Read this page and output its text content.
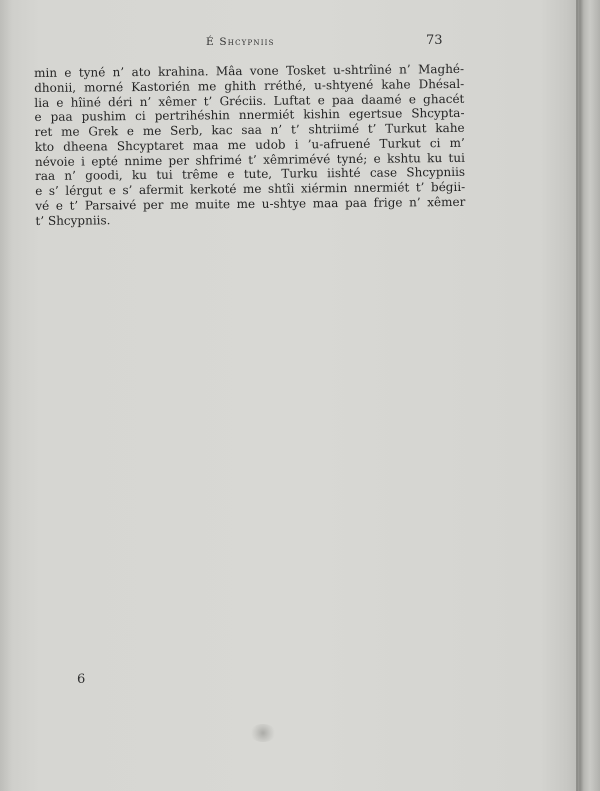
É Shcypniis	73
min e tyné n’ ato krahina. Mâa vone Tosket u-shtrîiné n’ Maghé-
dhonii, morné Kastorién me ghith rréthé, u-shtyené kahe Dhésal-
lia e hîiné déri n’ xêmer t’ Gréciis. Luftat e paa daamé e ghacét
e paa pushim ci pertrihéshin nnermiét kishin egertsue Shcypta-
ret me Grek e me Serb, kac saa n’ t’ shtriimé t’ Turkut kahe
kto dheena Shcyptaret maa me udob i ’u-afruené Turkut ci m’
névoie i epté nnime per shfrimé t’ xêmrimévé tyné; e kshtu ku tui
raa n’ goodi, ku tui trême e tute, Turku iishté case Shcypniis
e s’ lérgut e s’ afermit kerkoté me shtîi xiérmin nnermiét t’ bégii-
vé e t’ Parsaivé per me muite me u-shtye maa paa frige n’ xêmer
t’ Shcypniis.
6
